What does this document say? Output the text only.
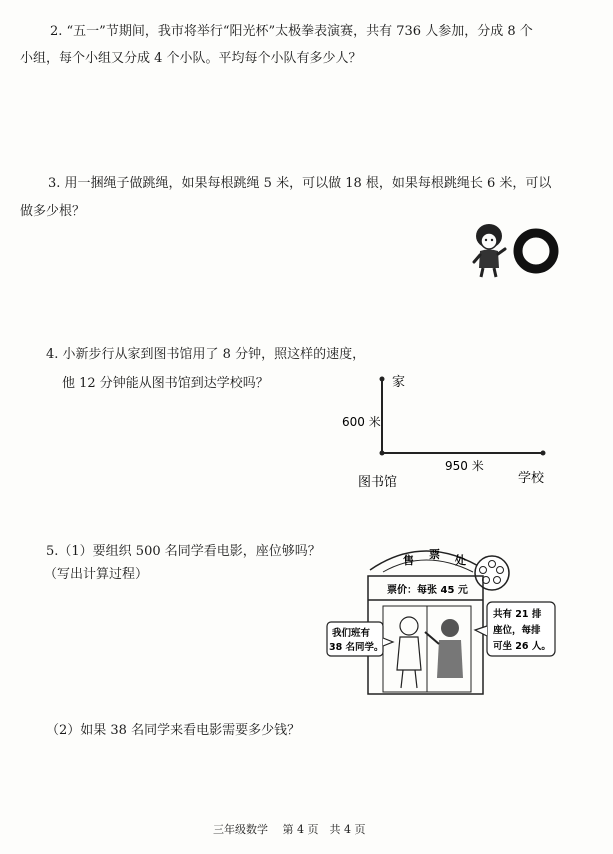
2. “五一”节期间，我市将举行“阳光杯”太极拳表演赛，共有 736 人参加，分成 8 个
小组，每个小组又分成 4 个小队。平均每个小队有多少人？
3. 用一捆绳子做跳绳，如果每根跳绳 5 米，可以做 18 根，如果每根跳绳长 6 米，可以
做多少根？
4. 小新步行从家到图书馆用了 8 分钟，照这样的速度，
他 12 分钟能从图书馆到达学校吗？	家
600 米
950 米
图书馆	学校
5.（1）要组织 500 名同学看电影，座位够吗？
（写出计算过程）
售 票 处
票价：每张 45 元
我们班有
38 名同学。
共有 21 排
座位，每排
可坐 26 人。
（2）如果 38 名同学来看电影需要多少钱？
三年级数学　 第 4 页　共 4 页
